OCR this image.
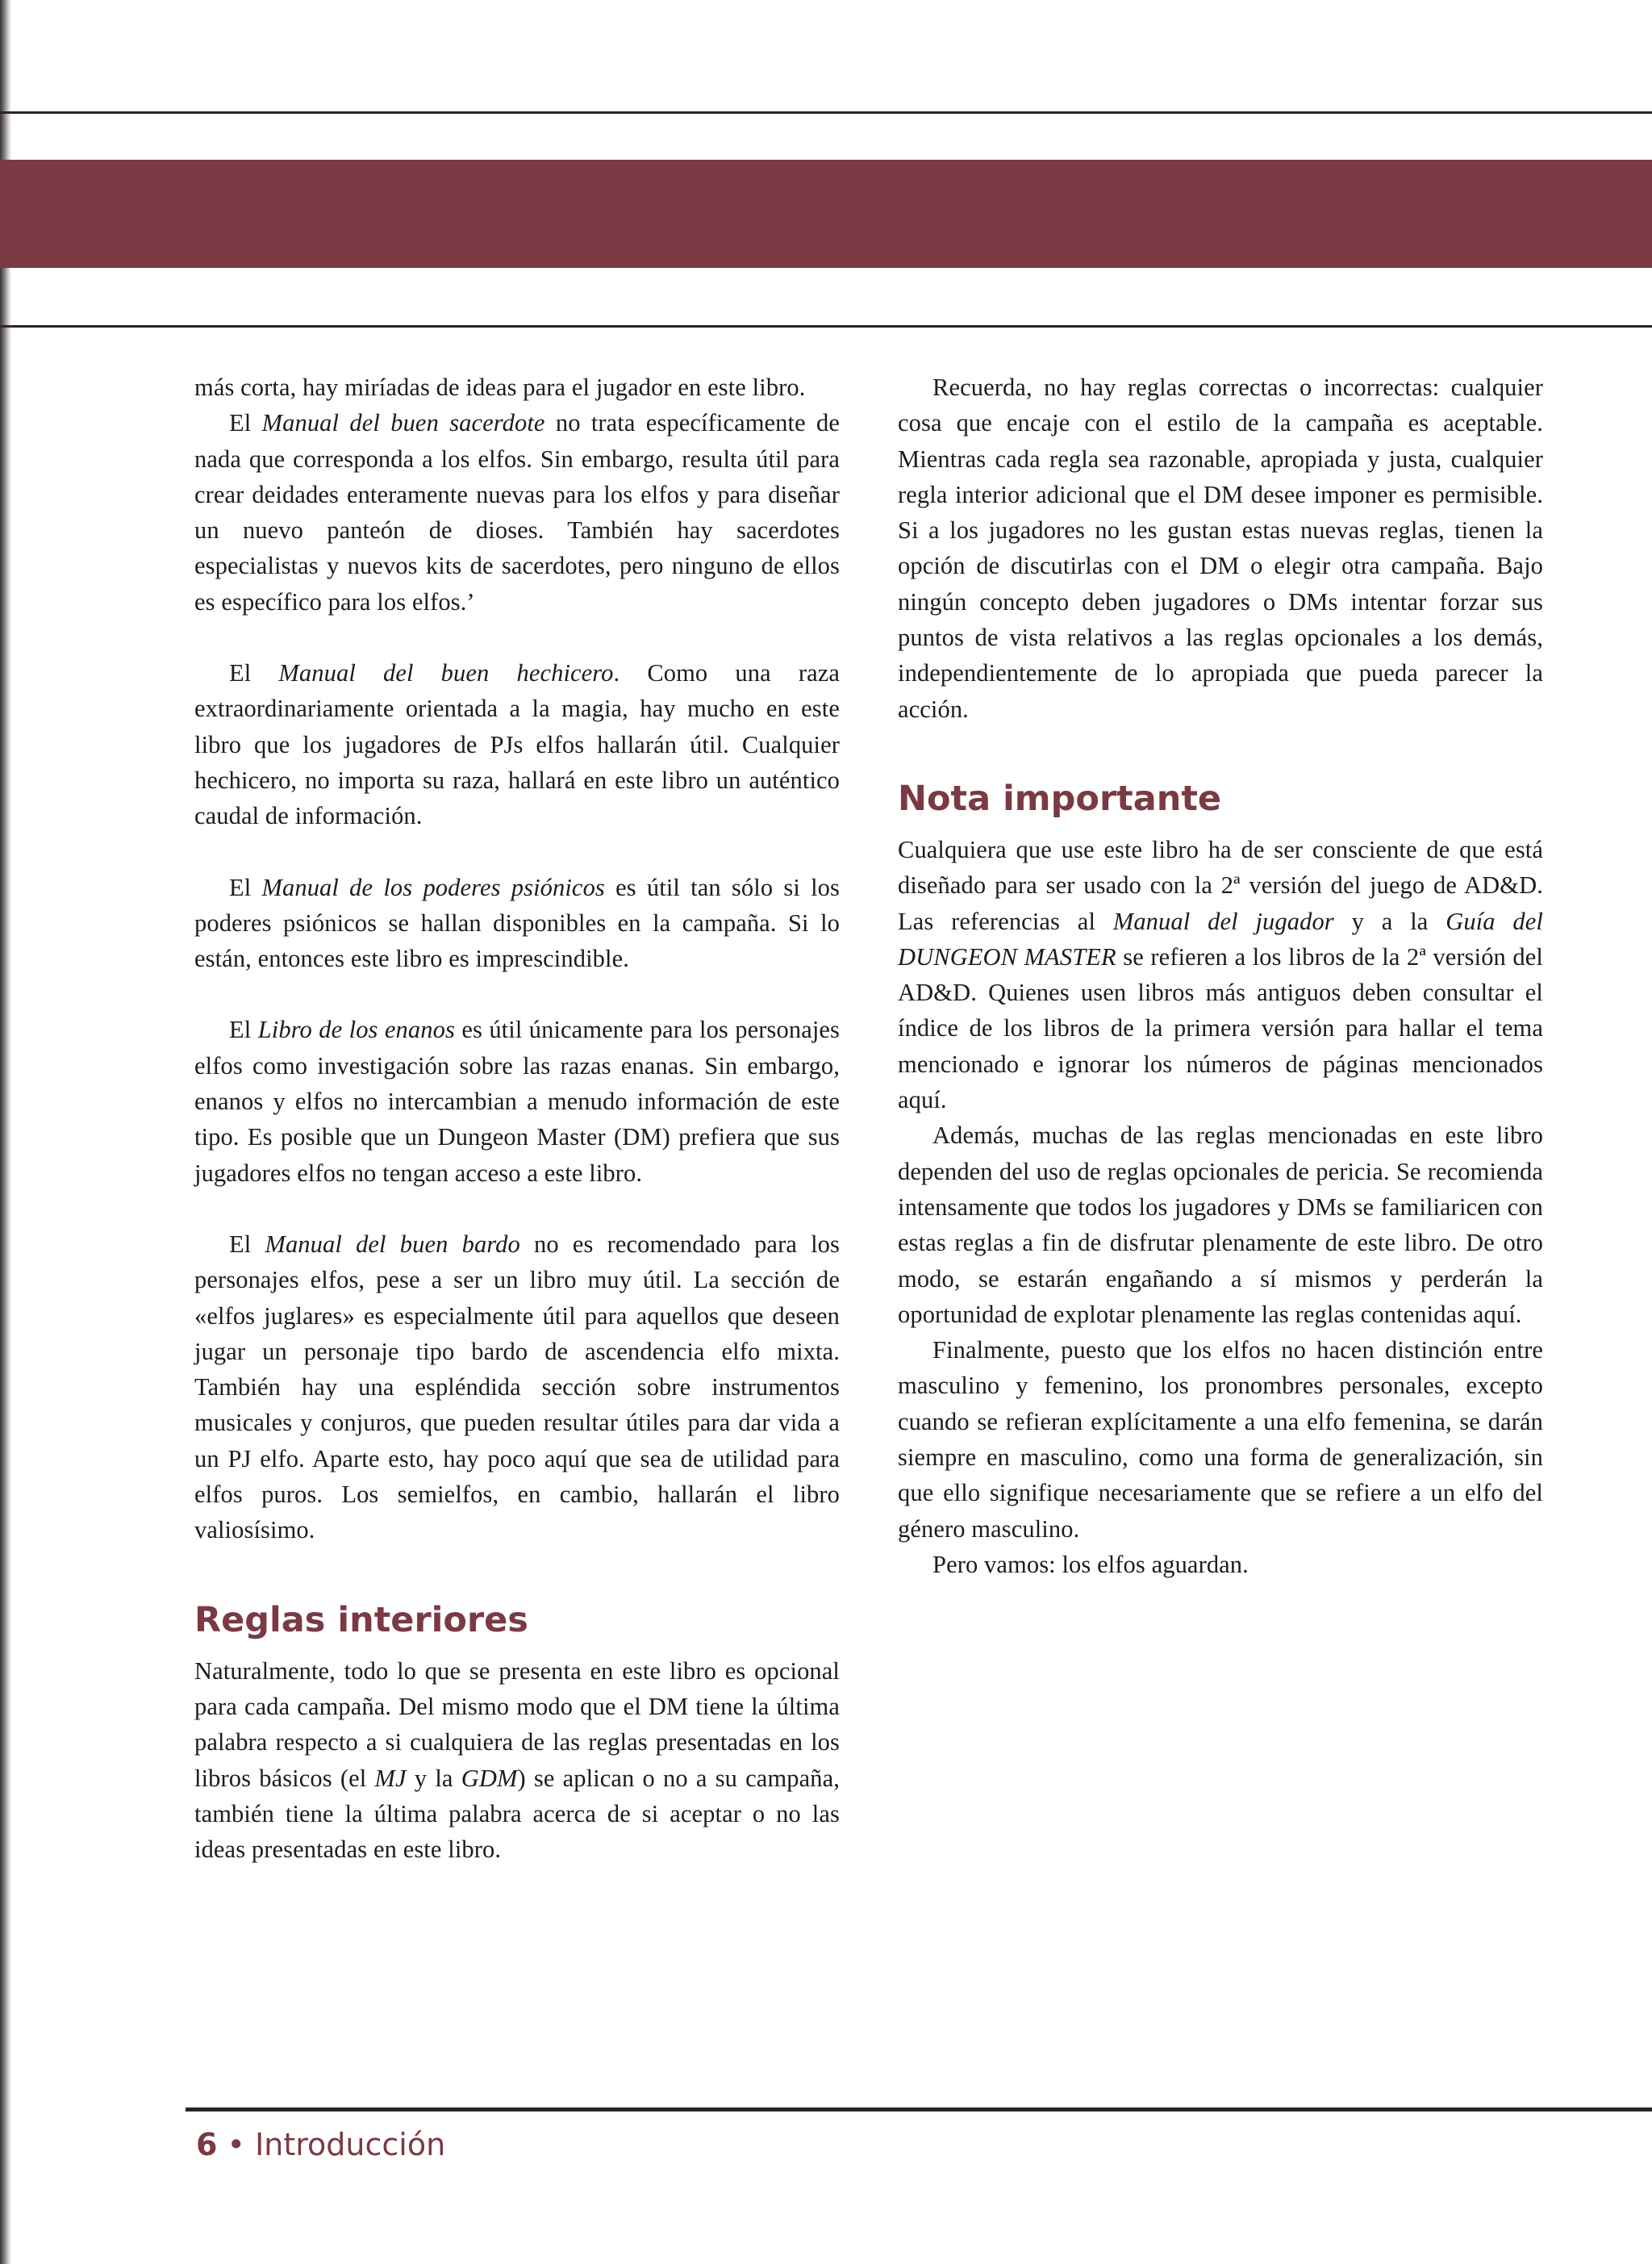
más corta, hay miríadas de ideas para el jugador en este libro.

El Manual del buen sacerdote no trata específicamente de nada que corresponda a los elfos. Sin embargo, resulta útil para crear deidades enteramente nuevas para los elfos y para diseñar un nuevo panteón de dioses. También hay sacerdotes especialistas y nuevos kits de sacerdotes, pero ninguno de ellos es específico para los elfos.’

El Manual del buen hechicero. Como una raza extraordinariamente orientada a la magia, hay mucho en este libro que los jugadores de PJs elfos hallarán útil. Cualquier hechicero, no importa su raza, hallará en este libro un auténtico caudal de información.

El Manual de los poderes psiónicos es útil tan sólo si los poderes psiónicos se hallan disponibles en la campaña. Si lo están, entonces este libro es imprescindible.

El Libro de los enanos es útil únicamente para los personajes elfos como investigación sobre las razas enanas. Sin embargo, enanos y elfos no intercambian a menudo información de este tipo. Es posible que un Dungeon Master (DM) prefiera que sus jugadores elfos no tengan acceso a este libro.

El Manual del buen bardo no es recomendado para los personajes elfos, pese a ser un libro muy útil. La sección de «elfos juglares» es especialmente útil para aquellos que deseen jugar un personaje tipo bardo de ascendencia elfo mixta. También hay una espléndida sección sobre instrumentos musicales y conjuros, que pueden resultar útiles para dar vida a un PJ elfo. Aparte esto, hay poco aquí que sea de utilidad para elfos puros. Los semielfos, en cambio, hallarán el libro valiosísimo.

Reglas interiores

Naturalmente, todo lo que se presenta en este libro es opcional para cada campaña. Del mismo modo que el DM tiene la última palabra respecto a si cualquiera de las reglas presentadas en los libros básicos (el MJ y la GDM) se aplican o no a su campaña, también tiene la última palabra acerca de si aceptar o no las ideas presentadas en este libro.

Recuerda, no hay reglas correctas o incorrectas: cualquier cosa que encaje con el estilo de la campaña es aceptable. Mientras cada regla sea razonable, apropiada y justa, cualquier regla interior adicional que el DM desee imponer es permisible. Si a los jugadores no les gustan estas nuevas reglas, tienen la opción de discutirlas con el DM o elegir otra campaña. Bajo ningún concepto deben jugadores o DMs intentar forzar sus puntos de vista relativos a las reglas opcionales a los demás, independientemente de lo apropiada que pueda parecer la acción.

Nota importante

Cualquiera que use este libro ha de ser consciente de que está diseñado para ser usado con la 2ª versión del juego de AD&D. Las referencias al Manual del jugador y a la Guía del DUNGEON MASTER se refieren a los libros de la 2ª versión del AD&D. Quienes usen libros más antiguos deben consultar el índice de los libros de la primera versión para hallar el tema mencionado e ignorar los números de páginas mencionados aquí.

Además, muchas de las reglas mencionadas en este libro dependen del uso de reglas opcionales de pericia. Se recomienda intensamente que todos los jugadores y DMs se familiaricen con estas reglas a fin de disfrutar plenamente de este libro. De otro modo, se estarán engañando a sí mismos y perderán la oportunidad de explotar plenamente las reglas contenidas aquí.

Finalmente, puesto que los elfos no hacen distinción entre masculino y femenino, los pronombres personales, excepto cuando se refieran explícitamente a una elfo femenina, se darán siempre en masculino, como una forma de generalización, sin que ello signifique necesariamente que se refiere a un elfo del género masculino.

Pero vamos: los elfos aguardan.

6 • Introducción
